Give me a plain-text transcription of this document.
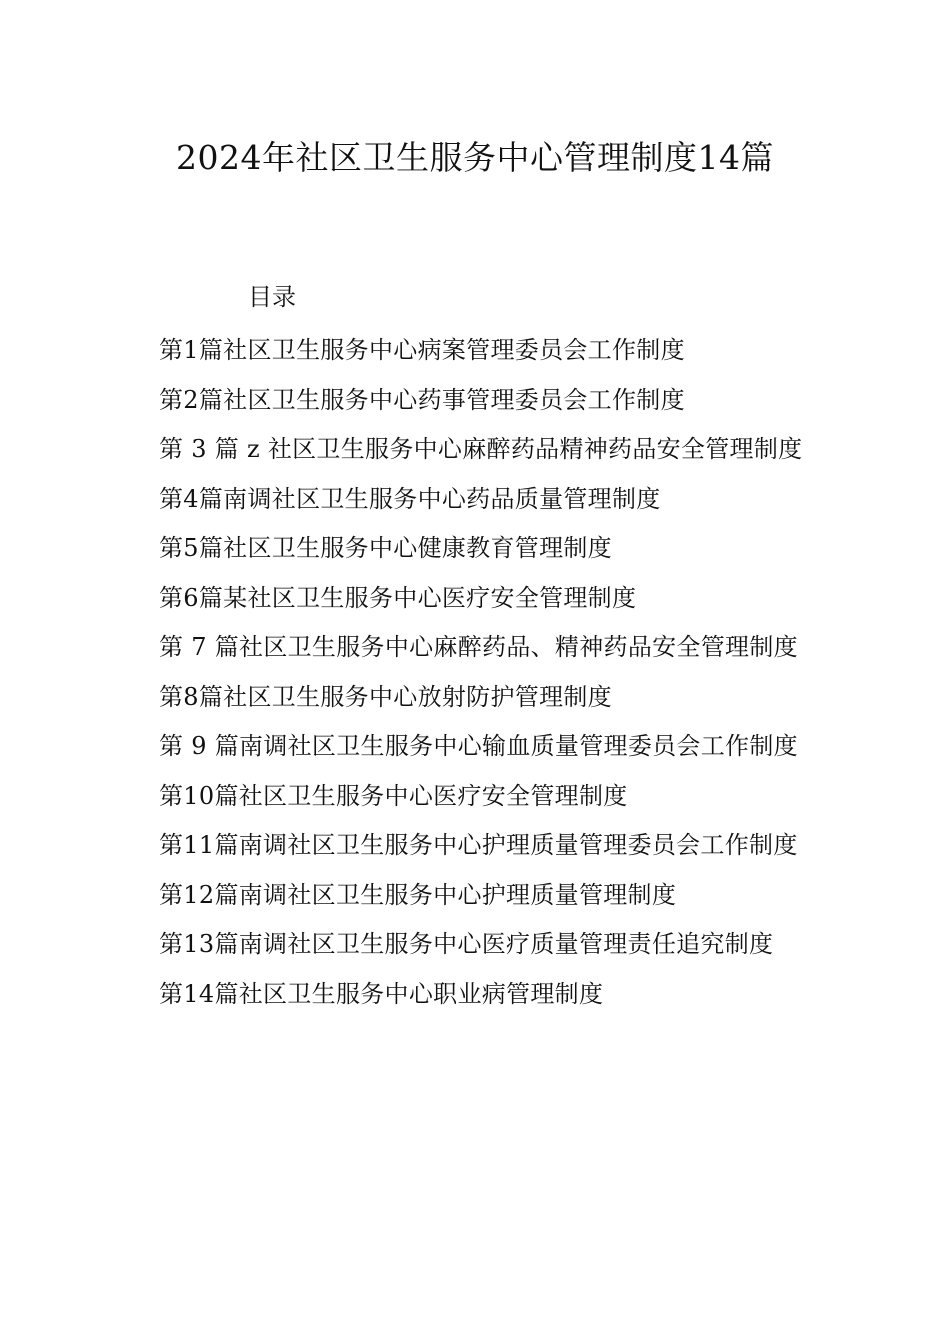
2024年社区卫生服务中心管理制度14篇
目录
第1篇社区卫生服务中心病案管理委员会工作制度
第2篇社区卫生服务中心药事管理委员会工作制度
第 3 篇 z 社区卫生服务中心麻醉药品精神药品安全管理制度
第4篇南调社区卫生服务中心药品质量管理制度
第5篇社区卫生服务中心健康教育管理制度
第6篇某社区卫生服务中心医疗安全管理制度
第 7 篇社区卫生服务中心麻醉药品、精神药品安全管理制度
第8篇社区卫生服务中心放射防护管理制度
第 9 篇南调社区卫生服务中心输血质量管理委员会工作制度
第10篇社区卫生服务中心医疗安全管理制度
第11篇南调社区卫生服务中心护理质量管理委员会工作制度
第12篇南调社区卫生服务中心护理质量管理制度
第13篇南调社区卫生服务中心医疗质量管理责任追究制度
第14篇社区卫生服务中心职业病管理制度
